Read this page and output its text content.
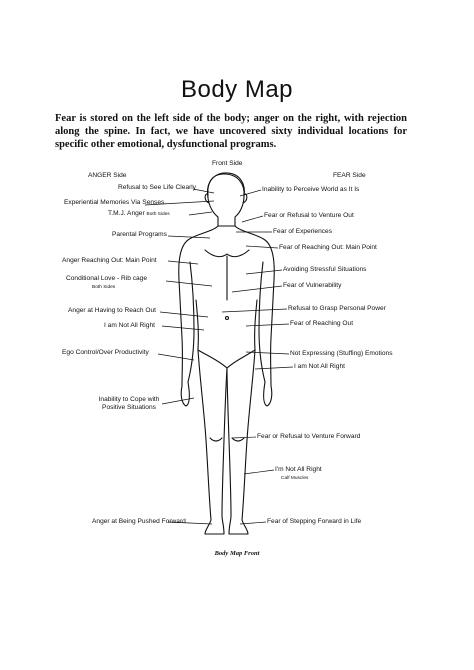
Body Map
Fear is stored on the left side of the body; anger on the right, with rejection along the spine. In fact, we have uncovered sixty individual locations for specific other emotional, dysfunctional programs.
Front Side
ANGER Side	FEAR Side
Refusal to See Life Clearly
Experiential Memories Via Senses
T.M.J. Anger Both Sides
Parental Programs
Anger Reaching Out: Main Point
Conditional Love - Rib cage
Both Sides
Anger at Having to Reach Out
I am Not All Right
Ego Control/Over Productivity
Inability to Cope with Positive Situations
Anger at Being Pushed Forward
Inability to Perceive World as It Is
Fear or Refusal to Venture Out
Fear of Experiences
Fear of Reaching Out: Main Point
Avoiding Stressful Situations
Fear of Vulnerability
Refusal to Grasp Personal Power
Fear of Reaching Out
Not Expressing (Stuffing) Emotions
I am Not All Right
Fear or Refusal to Venture Forward
I'm Not All Right
Calf Muscles
Fear of Stepping Forward in Life
Body Map Front
